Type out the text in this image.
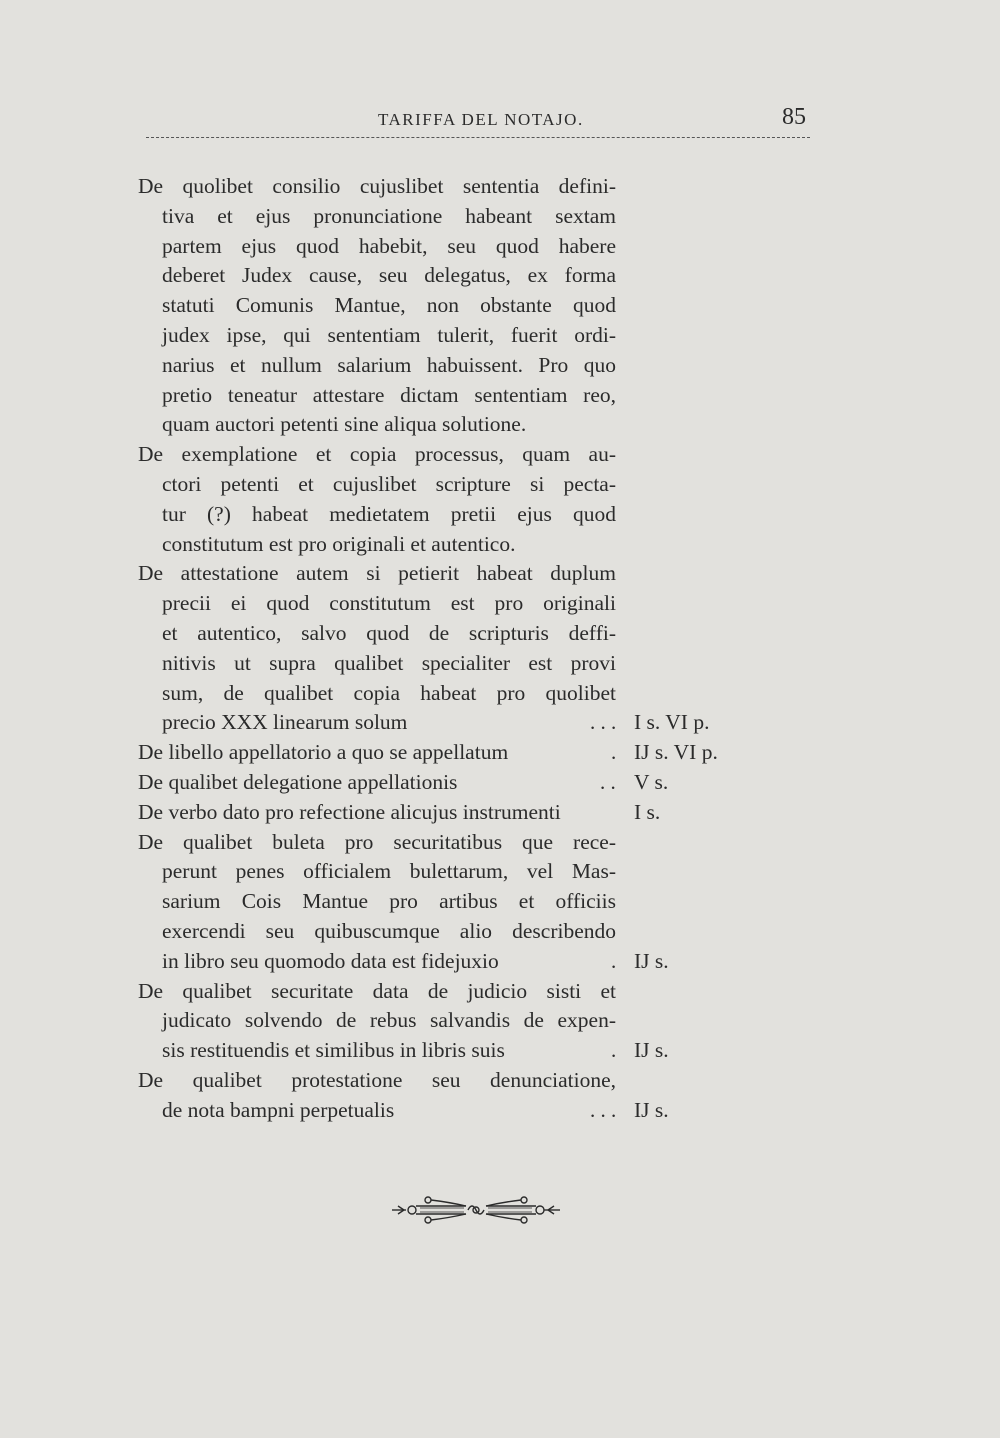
TARIFFA DEL NOTAJO.	85
De quolibet consilio cujuslibet sententia defini-
tiva et ejus pronunciatione habeant sextam
partem ejus quod habebit, seu quod habere
deberet Judex cause, seu delegatus, ex forma
statuti Comunis Mantue, non obstante quod
judex ipse, qui sententiam tulerit, fuerit ordi-
narius et nullum salarium habuissent. Pro quo
pretio teneatur attestare dictam sententiam reo,
quam auctori petenti sine aliqua solutione.
De exemplatione et copia processus, quam au-
ctori petenti et cujuslibet scripture si pecta-
tur (?) habeat medietatem pretii ejus quod
constitutum est pro originali et autentico.
De attestatione autem si petierit habeat duplum
precii ei quod constitutum est pro originali
et autentico, salvo quod de scripturis deffi-
nitivis ut supra qualibet specialiter est provi
sum, de qualibet copia habeat pro quolibet
precio XXX linearum solum	. . . I s. VI p.
De libello appellatorio a quo se appellatum	. IJ s. VI p.
De qualibet delegatione appellationis	. . V s.
De verbo dato pro refectione alicujus instrumenti	I s.
De qualibet buleta pro securitatibus que rece-
perunt penes officialem bulettarum, vel Mas-
sarium Cois Mantue pro artibus et officiis
exercendi seu quibuscumque alio describendo
in libro seu quomodo data est fidejuxio	. IJ s.
De qualibet securitate data de judicio sisti et
judicato solvendo de rebus salvandis de expen-
sis restituendis et similibus in libris suis	. IJ s.
De qualibet protestatione seu denunciatione,
de nota bampni perpetualis	. . . IJ s.
